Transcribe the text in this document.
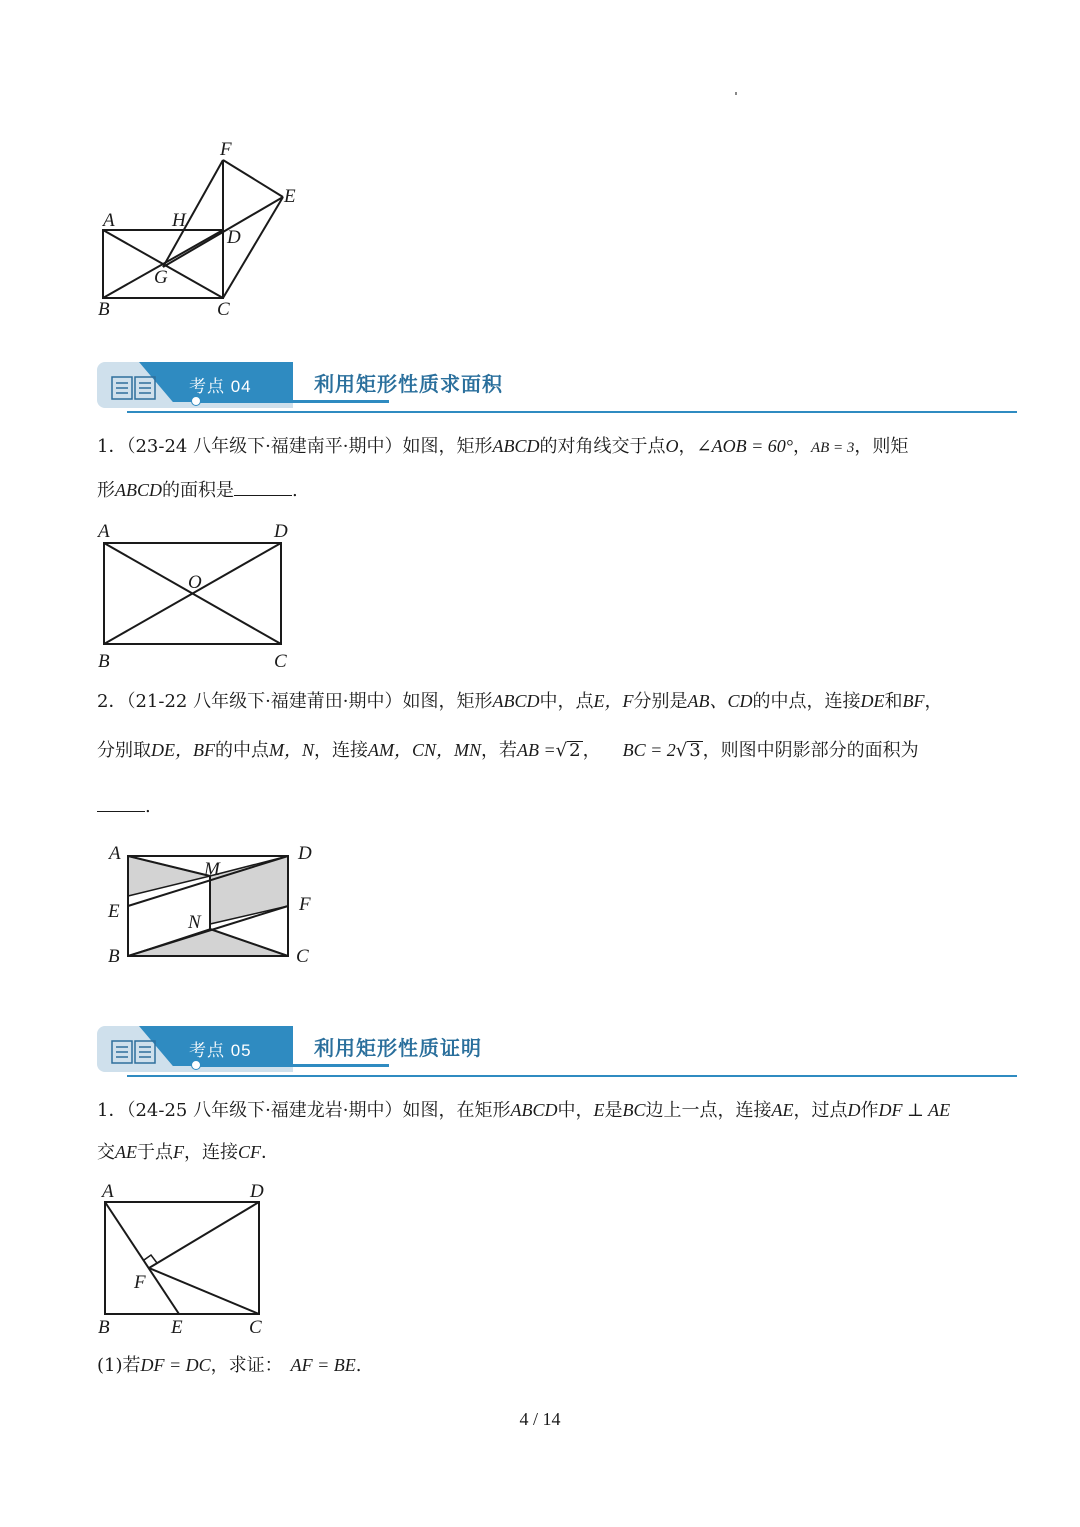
F
E
A	H
D
G
B	C
考点 04	利用矩形性质求面积
1．（23-24 八年级下·福建南平·期中）如图，矩形ABCD的对角线交于点O，∠AOB = 60°，AB = 3，则矩
形ABCD的面积是	.
A	D
O
B	C
2．（21-22 八年级下·福建莆田·期中）如图，矩形ABCD中，点E，F分别是AB、CD的中点，连接DE和BF，
分别取DE，BF的中点M，N，连接AM，CN，MN，若AB =√ 2 ， BC = 2√ 3 ，则图中阴影部分的面积为
.
A	D
M
E	F
N
B	C
考点 05	利用矩形性质证明
1．（24-25 八年级下·福建龙岩·期中）如图，在矩形ABCD中，E是BC边上一点，连接AE，过点D作DF ⊥ AE
交AE于点F，连接CF．
A	D
F
B	E	C
(1)若DF = DC，求证： AF = BE.
4 / 14
